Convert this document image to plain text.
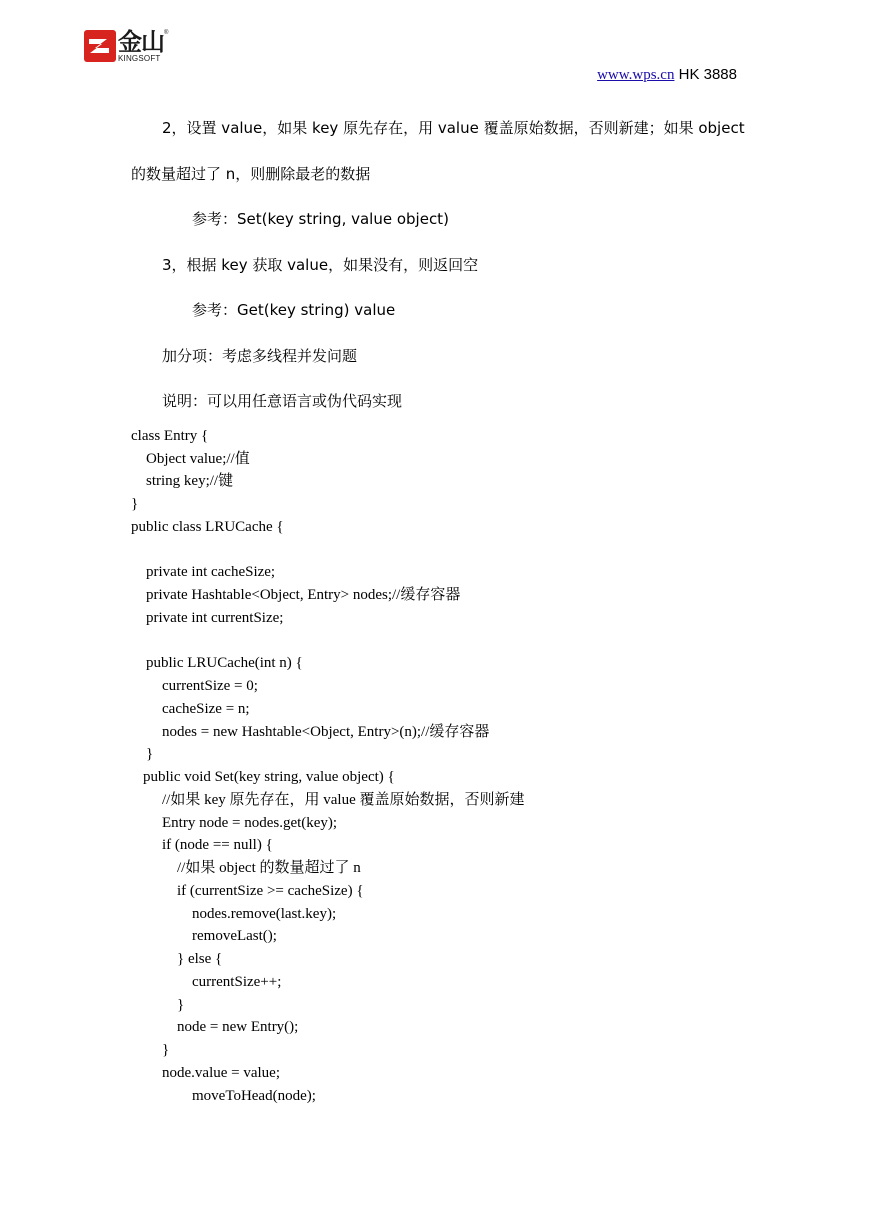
金山 ®
KINGSOFT
www.wps.cn HK 3888
2，设置 value，如果 key 原先存在，用 value 覆盖原始数据，否则新建；如果 object
的数量超过了 n，则删除最老的数据
参考：Set(key string, value object)
3，根据 key 获取 value，如果没有，则返回空
参考：Get(key string) value
加分项：考虑多线程并发问题
说明：可以用任意语言或伪代码实现
class Entry {
Object value;//值
string key;//键
}
public class LRUCache {
private int cacheSize;
private Hashtable<Object, Entry> nodes;//缓存容器
private int currentSize;
public LRUCache(int n) {
currentSize = 0;
cacheSize = n;
nodes = new Hashtable<Object, Entry>(n);//缓存容器
}
public void Set(key string, value object) {
//如果 key 原先存在，用 value 覆盖原始数据，否则新建
Entry node = nodes.get(key);
if (node == null) {
//如果 object 的数量超过了 n
if (currentSize >= cacheSize) {
nodes.remove(last.key);
removeLast();
} else {
currentSize++;
}
node = new Entry();
}
node.value = value;
moveToHead(node);
